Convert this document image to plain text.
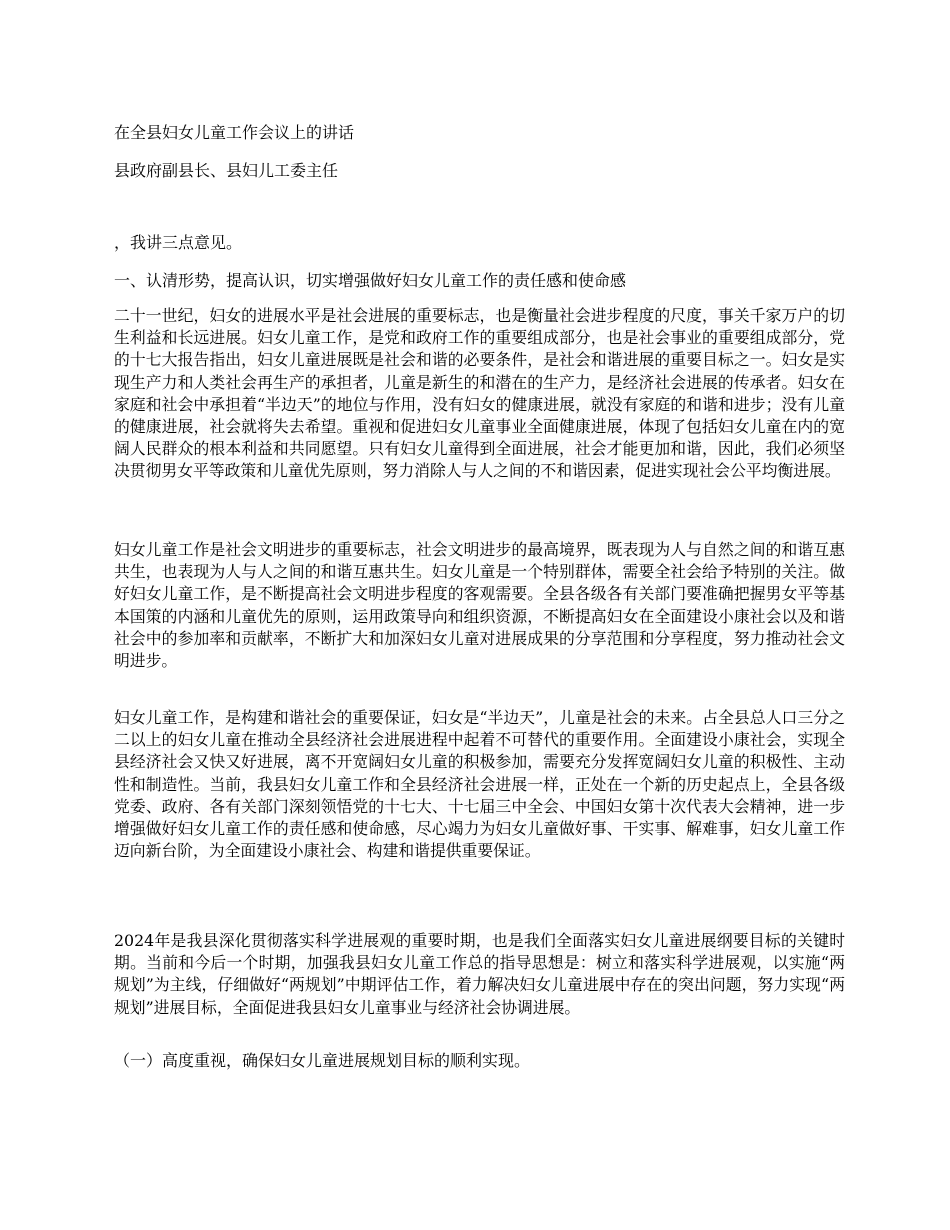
在全县妇女儿童工作会议上的讲话
县政府副县长、县妇儿工委主任
，我讲三点意见。
一、认清形势，提高认识，切实增强做好妇女儿童工作的责任感和使命感
二十一世纪，妇女的进展水平是社会进展的重要标志，也是衡量社会进步程度的尺度，事关千家万户的切生利益和长远进展。妇女儿童工作，是党和政府工作的重要组成部分，也是社会事业的重要组成部分，党的十七大报告指出，妇女儿童进展既是社会和谐的必要条件，是社会和谐进展的重要目标之一。妇女是实现生产力和人类社会再生产的承担者，儿童是新生的和潜在的生产力，是经济社会进展的传承者。妇女在家庭和社会中承担着“半边天”的地位与作用，没有妇女的健康进展，就没有家庭的和谐和进步；没有儿童的健康进展，社会就将失去希望。重视和促进妇女儿童事业全面健康进展，体现了包括妇女儿童在内的宽阔人民群众的根本利益和共同愿望。只有妇女儿童得到全面进展，社会才能更加和谐，因此，我们必须坚决贯彻男女平等政策和儿童优先原则，努力消除人与人之间的不和谐因素，促进实现社会公平均衡进展。
妇女儿童工作是社会文明进步的重要标志，社会文明进步的最高境界，既表现为人与自然之间的和谐互惠共生，也表现为人与人之间的和谐互惠共生。妇女儿童是一个特别群体，需要全社会给予特别的关注。做好妇女儿童工作，是不断提高社会文明进步程度的客观需要。全县各级各有关部门要准确把握男女平等基本国策的内涵和儿童优先的原则，运用政策导向和组织资源，不断提高妇女在全面建设小康社会以及和谐社会中的参加率和贡献率，不断扩大和加深妇女儿童对进展成果的分享范围和分享程度，努力推动社会文明进步。
妇女儿童工作，是构建和谐社会的重要保证，妇女是“半边天”，儿童是社会的未来。占全县总人口三分之二以上的妇女儿童在推动全县经济社会进展进程中起着不可替代的重要作用。全面建设小康社会，实现全县经济社会又快又好进展，离不开宽阔妇女儿童的积极参加，需要充分发挥宽阔妇女儿童的积极性、主动性和制造性。当前，我县妇女儿童工作和全县经济社会进展一样，正处在一个新的历史起点上，全县各级党委、政府、各有关部门深刻领悟党的十七大、十七届三中全会、中国妇女第十次代表大会精神，进一步增强做好妇女儿童工作的责任感和使命感，尽心竭力为妇女儿童做好事、干实事、解难事，妇女儿童工作迈向新台阶，为全面建设小康社会、构建和谐提供重要保证。
2024年是我县深化贯彻落实科学进展观的重要时期，也是我们全面落实妇女儿童进展纲要目标的关键时期。当前和今后一个时期，加强我县妇女儿童工作总的指导思想是：树立和落实科学进展观，以实施“两规划”为主线，仔细做好“两规划”中期评估工作，着力解决妇女儿童进展中存在的突出问题，努力实现“两规划”进展目标，全面促进我县妇女儿童事业与经济社会协调进展。
（一）高度重视，确保妇女儿童进展规划目标的顺利实现。
